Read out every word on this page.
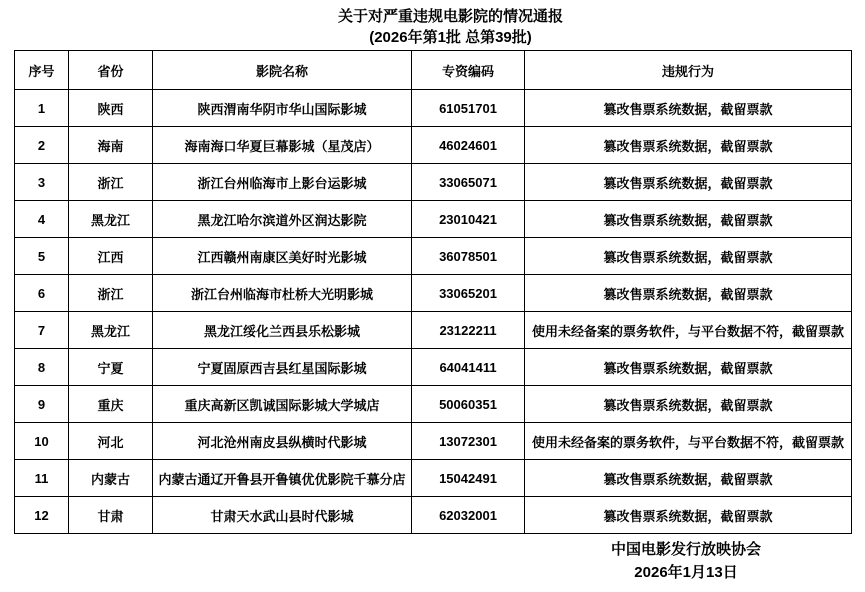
关于对严重违规电影院的情况通报
(2026年第1批 总第39批)
序号	省份	影院名称	专资编码	违规行为
1	陕西	陕西渭南华阴市华山国际影城	61051701	篡改售票系统数据，截留票款
2	海南	海南海口华夏巨幕影城（星茂店）	46024601	篡改售票系统数据，截留票款
3	浙江	浙江台州临海市上影台运影城	33065071	篡改售票系统数据，截留票款
4	黑龙江	黑龙江哈尔滨道外区润达影院	23010421	篡改售票系统数据，截留票款
5	江西	江西赣州南康区美好时光影城	36078501	篡改售票系统数据，截留票款
6	浙江	浙江台州临海市杜桥大光明影城	33065201	篡改售票系统数据，截留票款
7	黑龙江	黑龙江绥化兰西县乐松影城	23122211	使用未经备案的票务软件，与平台数据不符，截留票款
8	宁夏	宁夏固原西吉县红星国际影城	64041411	篡改售票系统数据，截留票款
9	重庆	重庆高新区凯诚国际影城大学城店	50060351	篡改售票系统数据，截留票款
10	河北	河北沧州南皮县纵横时代影城	13072301	使用未经备案的票务软件，与平台数据不符，截留票款
11	内蒙古	内蒙古通辽开鲁县开鲁镇优优影院千慕分店	15042491	篡改售票系统数据，截留票款
12	甘肃	甘肃天水武山县时代影城	62032001	篡改售票系统数据，截留票款
中国电影发行放映协会
2026年1月13日
